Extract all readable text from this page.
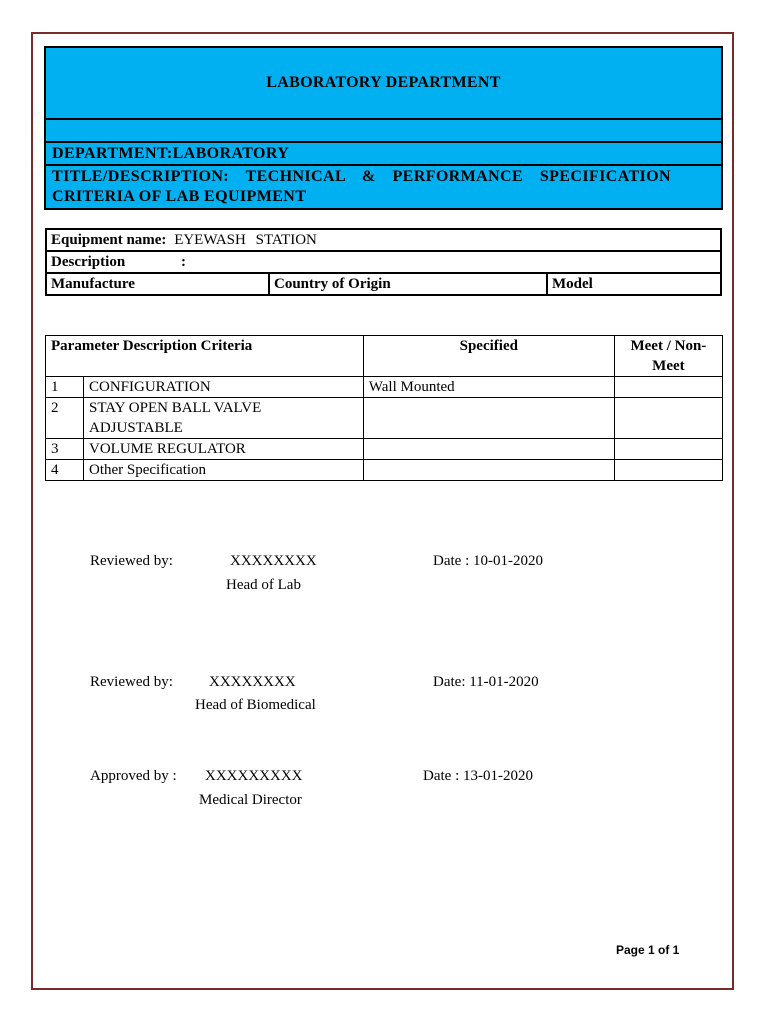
LABORATORY DEPARTMENT
DEPARTMENT:LABORATORY
TITLE/DESCRIPTION: TECHNICAL & PERFORMANCE SPECIFICATION CRITERIA OF LAB EQUIPMENT
Equipment name: EYEWASH STATION
Description	:
Manufacture	Country of Origin	Model
Parameter Description Criteria		Specified	Meet / Non-Meet
1	CONFIGURATION	Wall Mounted	
2	STAY OPEN BALL VALVE ADJUSTABLE		
3	VOLUME REGULATOR		
4	Other Specification		
Reviewed by:	XXXXXXXX
Head of Lab
Date : 10-01-2020
Reviewed by: XXXXXXXX
Head of Biomedical
Date: 11-01-2020
Approved by : XXXXXXXXX
Medical Director
Date : 13-01-2020
Page 1 of 1
